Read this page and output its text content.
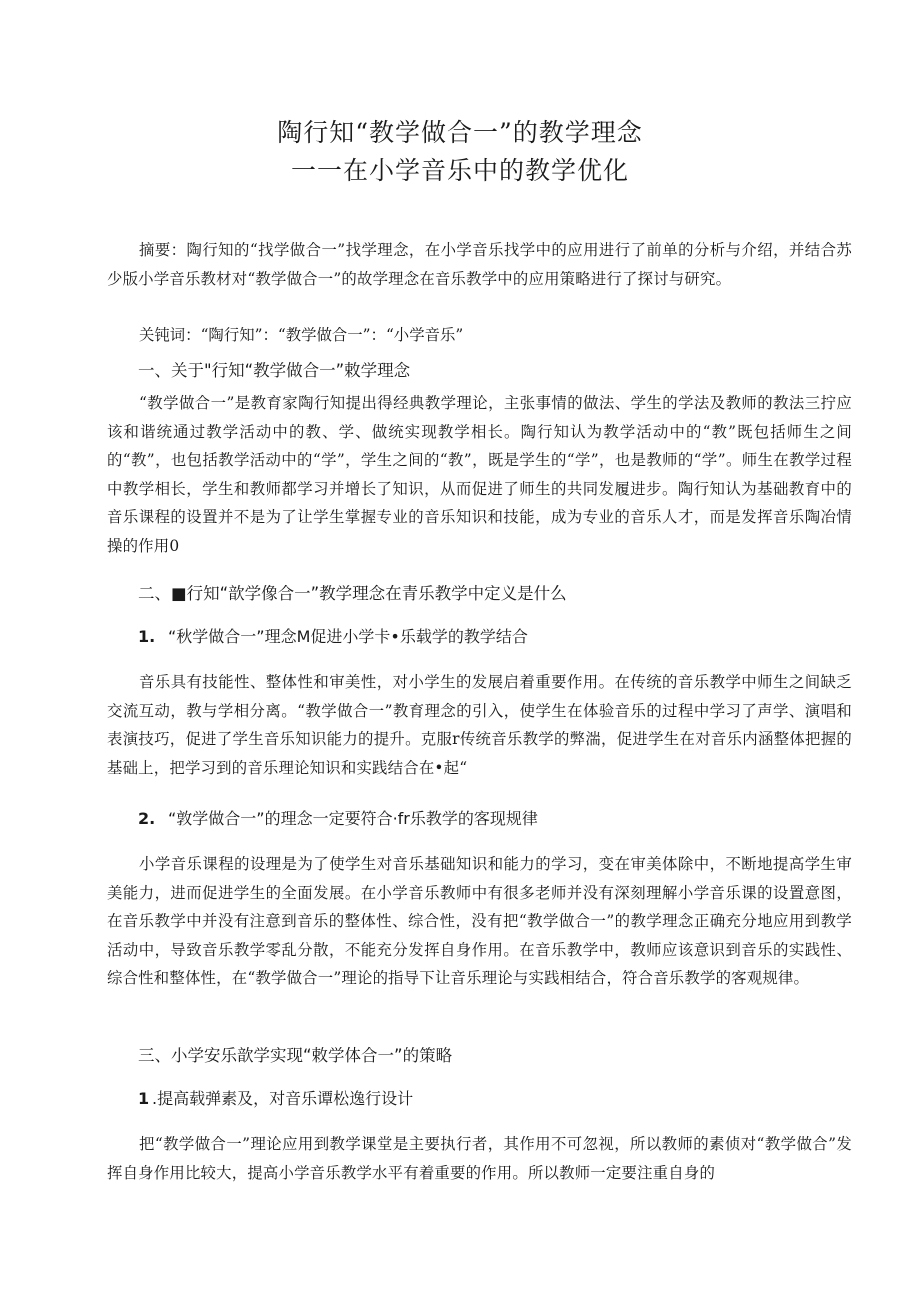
陶行知“教学做合一”的教学理念
一一在小学音乐中的教学优化

摘要：陶行知的“找学做合一”找学理念，在小学音乐找学中的应用进行了前单的分析与介绍，并结合苏少版小学音乐教材对“教学做合一”的故学理念在音乐教学中的应用策略进行了探讨与研究。

关钝词：“陶行知”：“教学做合一”：“小学音乐”
一、关于"行知“教学做合一”敕学理念

“教学做合一”是教育家陶行知提出得经典教学理论，主张事情的做法、学生的学法及教师的教法三拧应该和谐统通过教学活动中的教、学、做统实现教学相长。陶行知认为教学活动中的“教”既包括师生之间的“教”，也包括教学活动中的“学”，学生之间的“教”，既是学生的“学”，也是教师的“学”。师生在教学过程中教学相长，学生和教师都学习并增长了知识，从而促进了师生的共同发履进步。陶行知认为基础教育中的音乐课程的设置并不是为了让学生掌握专业的音乐知识和技能，成为专业的音乐人才，而是发挥音乐陶冶情操的作用0

二、■行知“歆学像合一”教学理念在青乐教学中定义是什么
1. “秋学做合一”理念M促进小学卡•乐载学的教学结合

音乐具有技能性、整体性和审美性，对小学生的发展启着重要作用。在传统的音乐教学中师生之间缺乏交流互动，教与学相分离。“教学做合一”教育理念的引入，使学生在体验音乐的过程中学习了声学、演唱和表演技巧，促进了学生音乐知识能力的提升。克服r传统音乐教学的弊湍，促进学生在对音乐内涵整体把握的基础上，把学习到的音乐理论知识和实践结合在•起“

2. “敦学做合一”的理念一定要符合·fr乐教学的客现规律

小学音乐课程的设理是为了使学生对音乐基础知识和能力的学习，变在审美体除中，不断地提高学生审美能力，进而促进学生的全面发展。在小学音乐教师中有很多老师并没有深刻理解小学音乐课的设置意图，在音乐教学中并没有注意到音乐的整体性、综合性，没有把“教学做合一”的教学理念正确充分地应用到教学活动中，导致音乐教学零乱分散，不能充分发挥自身作用。在音乐教学中，教师应该意识到音乐的实践性、综合性和整体性，在“教学做合一”理论的指导下让音乐理论与实践相结合，符合音乐教学的客观规律。

三、小学安乐歆学实现“敕学体合一”的策略
1 .提高载弹素及，对音乐谭松逸行设计

把“教学做合一”理论应用到教学课堂是主要执行者，其作用不可忽视，所以教师的素侦对“教学做合”发挥自身作用比较大，提高小学音乐教学水平有着重要的作用。所以教师一定要注重自身的
